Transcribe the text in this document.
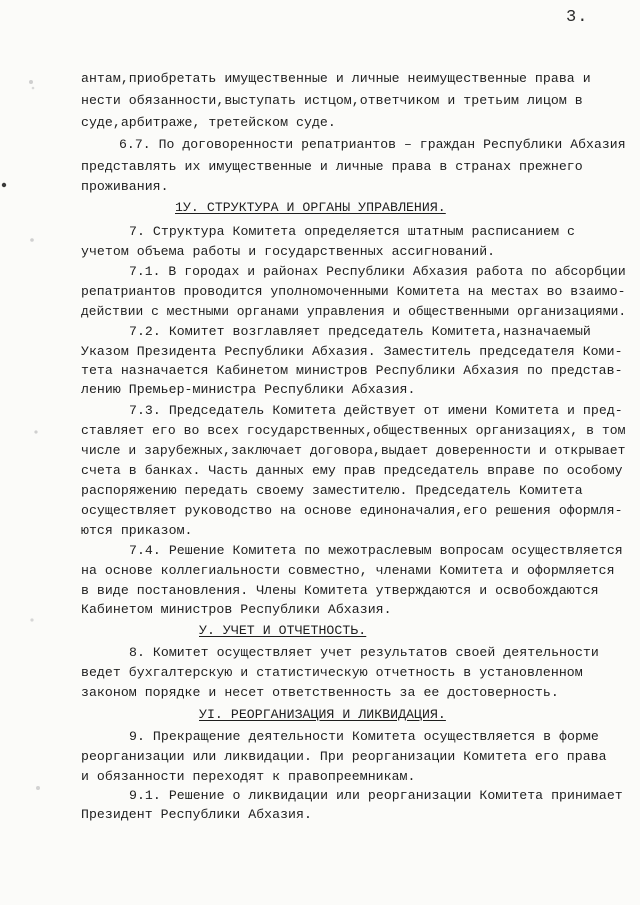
3.
антам,приобретать имущественные и личные неимущественные права и
нести обязанности,выступать истцом,ответчиком и третьим лицом в
суде,арбитраже, третейском суде.
6.7. По договоренности репатриантов – граждан Республики Абхазия
представлять их имущественные и личные права в странах прежнего
проживания.
1У. СТРУКТУРА И ОРГАНЫ УПРАВЛЕНИЯ.
7. Структура Комитета определяется штатным расписанием с
учетом объема работы и государственных ассигнований.
7.1. В городах и районах Республики Абхазия работа по абсорбции
репатриантов проводится уполномоченными Комитета на местах во взаимо-
действии с местными органами управления и общественными организациями.
7.2. Комитет возглавляет председатель Комитета,назначаемый
Указом Президента Республики Абхазия. Заместитель председателя Коми-
тета назначается Кабинетом министров Республики Абхазия по представ-
лению Премьер-министра Республики Абхазия.
7.3. Председатель Комитета действует от имени Комитета и пред-
ставляет его во всех государственных,общественных организациях, в том
числе и зарубежных,заключает договора,выдает доверенности и открывает
счета в банках. Часть данных ему прав председатель вправе по особому
распоряжению передать своему заместителю. Председатель Комитета
осуществляет руководство на основе единоначалия,его решения оформля-
ются приказом.
7.4. Решение Комитета по межотраслевым вопросам осуществляется
на основе коллегиальности совместно, членами Комитета и оформляется
в виде постановления. Члены Комитета утверждаются и освобождаются
Кабинетом министров Республики Абхазия.
У. УЧЕТ И ОТЧЕТНОСТЬ.
8. Комитет осуществляет учет результатов своей деятельности
ведет бухгалтерскую и статистическую отчетность в установленном
законом порядке и несет ответственность за ее достоверность.
УI. РЕОРГАНИЗАЦИЯ И ЛИКВИДАЦИЯ.
9. Прекращение деятельности Комитета осуществляется в форме
реорганизации или ликвидации. При реорганизации Комитета его права
и обязанности переходят к правопреемникам.
9.1. Решение о ликвидации или реорганизации Комитета принимает
Президент Республики Абхазия.
